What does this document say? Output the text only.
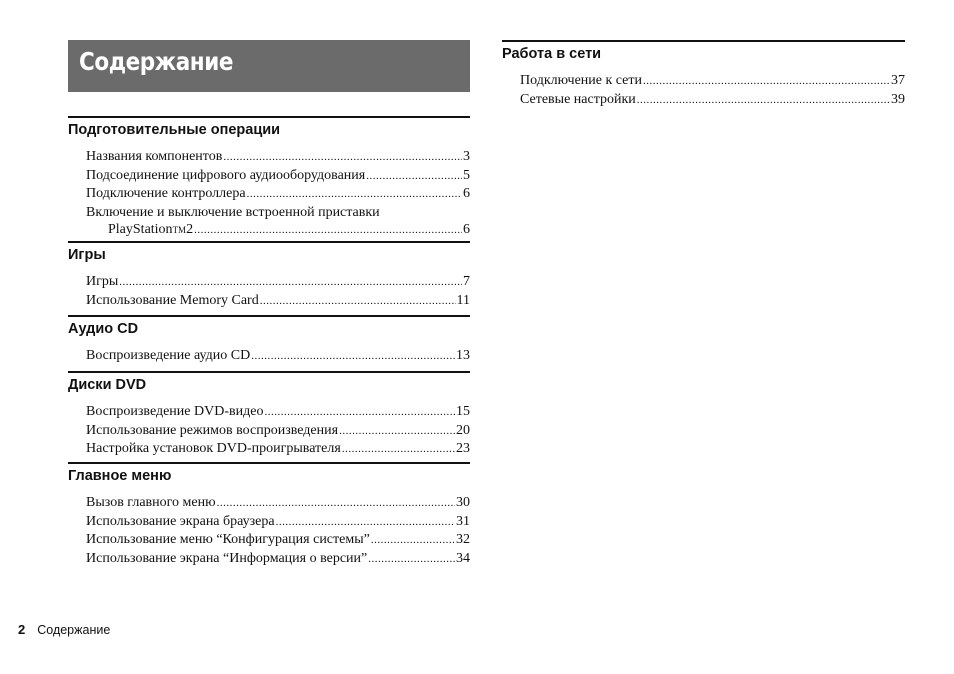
Содержание
Подготовительные операции
Названия компонентов .....	3
Подсоединение цифрового аудиооборудования .....	5
Подключение контроллера .....	6
Включение и выключение встроенной приставки
PlayStation TM 2 .....	6
Игры
Игры .....	7
Использование Memory Card .....	11
Аудио CD
Воспроизведение аудио CD .....	13
Диски DVD
Воспроизведение DVD-видео .....	15
Использование режимов воспроизведения .....	20
Настройка установок DVD-проигрывателя .....	23
Главное меню
Вызов главного меню .....	30
Использование экрана браузера .....	31
Использование меню “Конфигурация системы” .....	32
Использование экрана “Информация о версии” .....	34
Работа в сети
Подключение к сети .....	37
Сетевые настройки .....	39
2 Содержание
